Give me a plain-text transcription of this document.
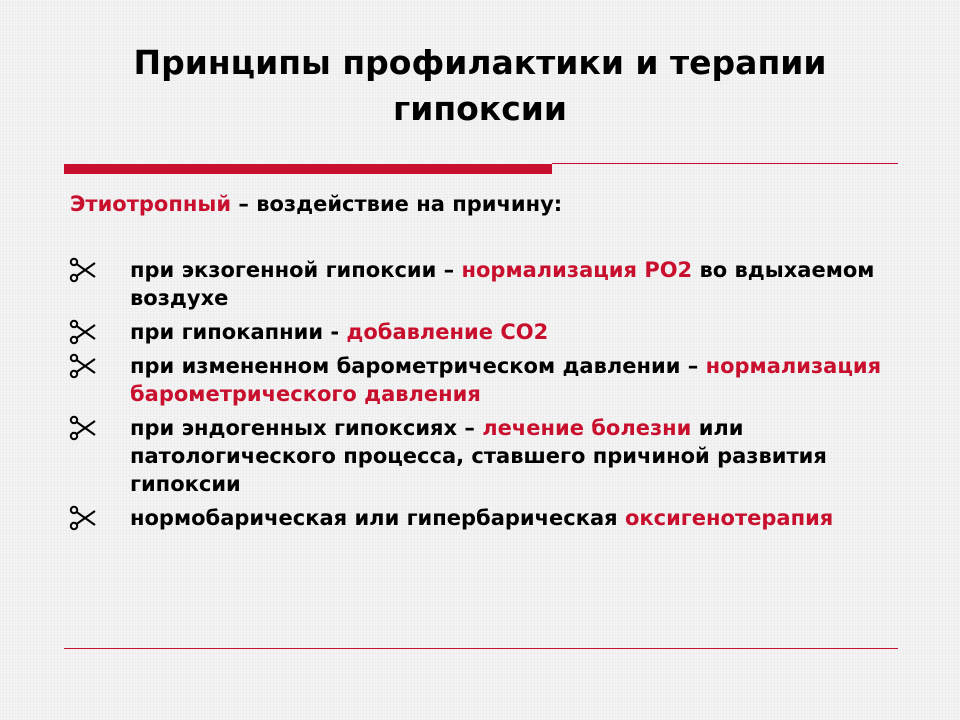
Принципы профилактики и терапии
гипоксии
Этиотропный – воздействие на причину:
при экзогенной гипоксии – нормализация РО2 во вдыхаемом воздухе
при гипокапнии - добавление СО2
при измененном барометрическом давлении – нормализация барометрического давления
при эндогенных гипоксиях – лечение болезни или патологического процесса, ставшего причиной развития гипоксии
нормобарическая или гипербарическая оксигенотерапия
